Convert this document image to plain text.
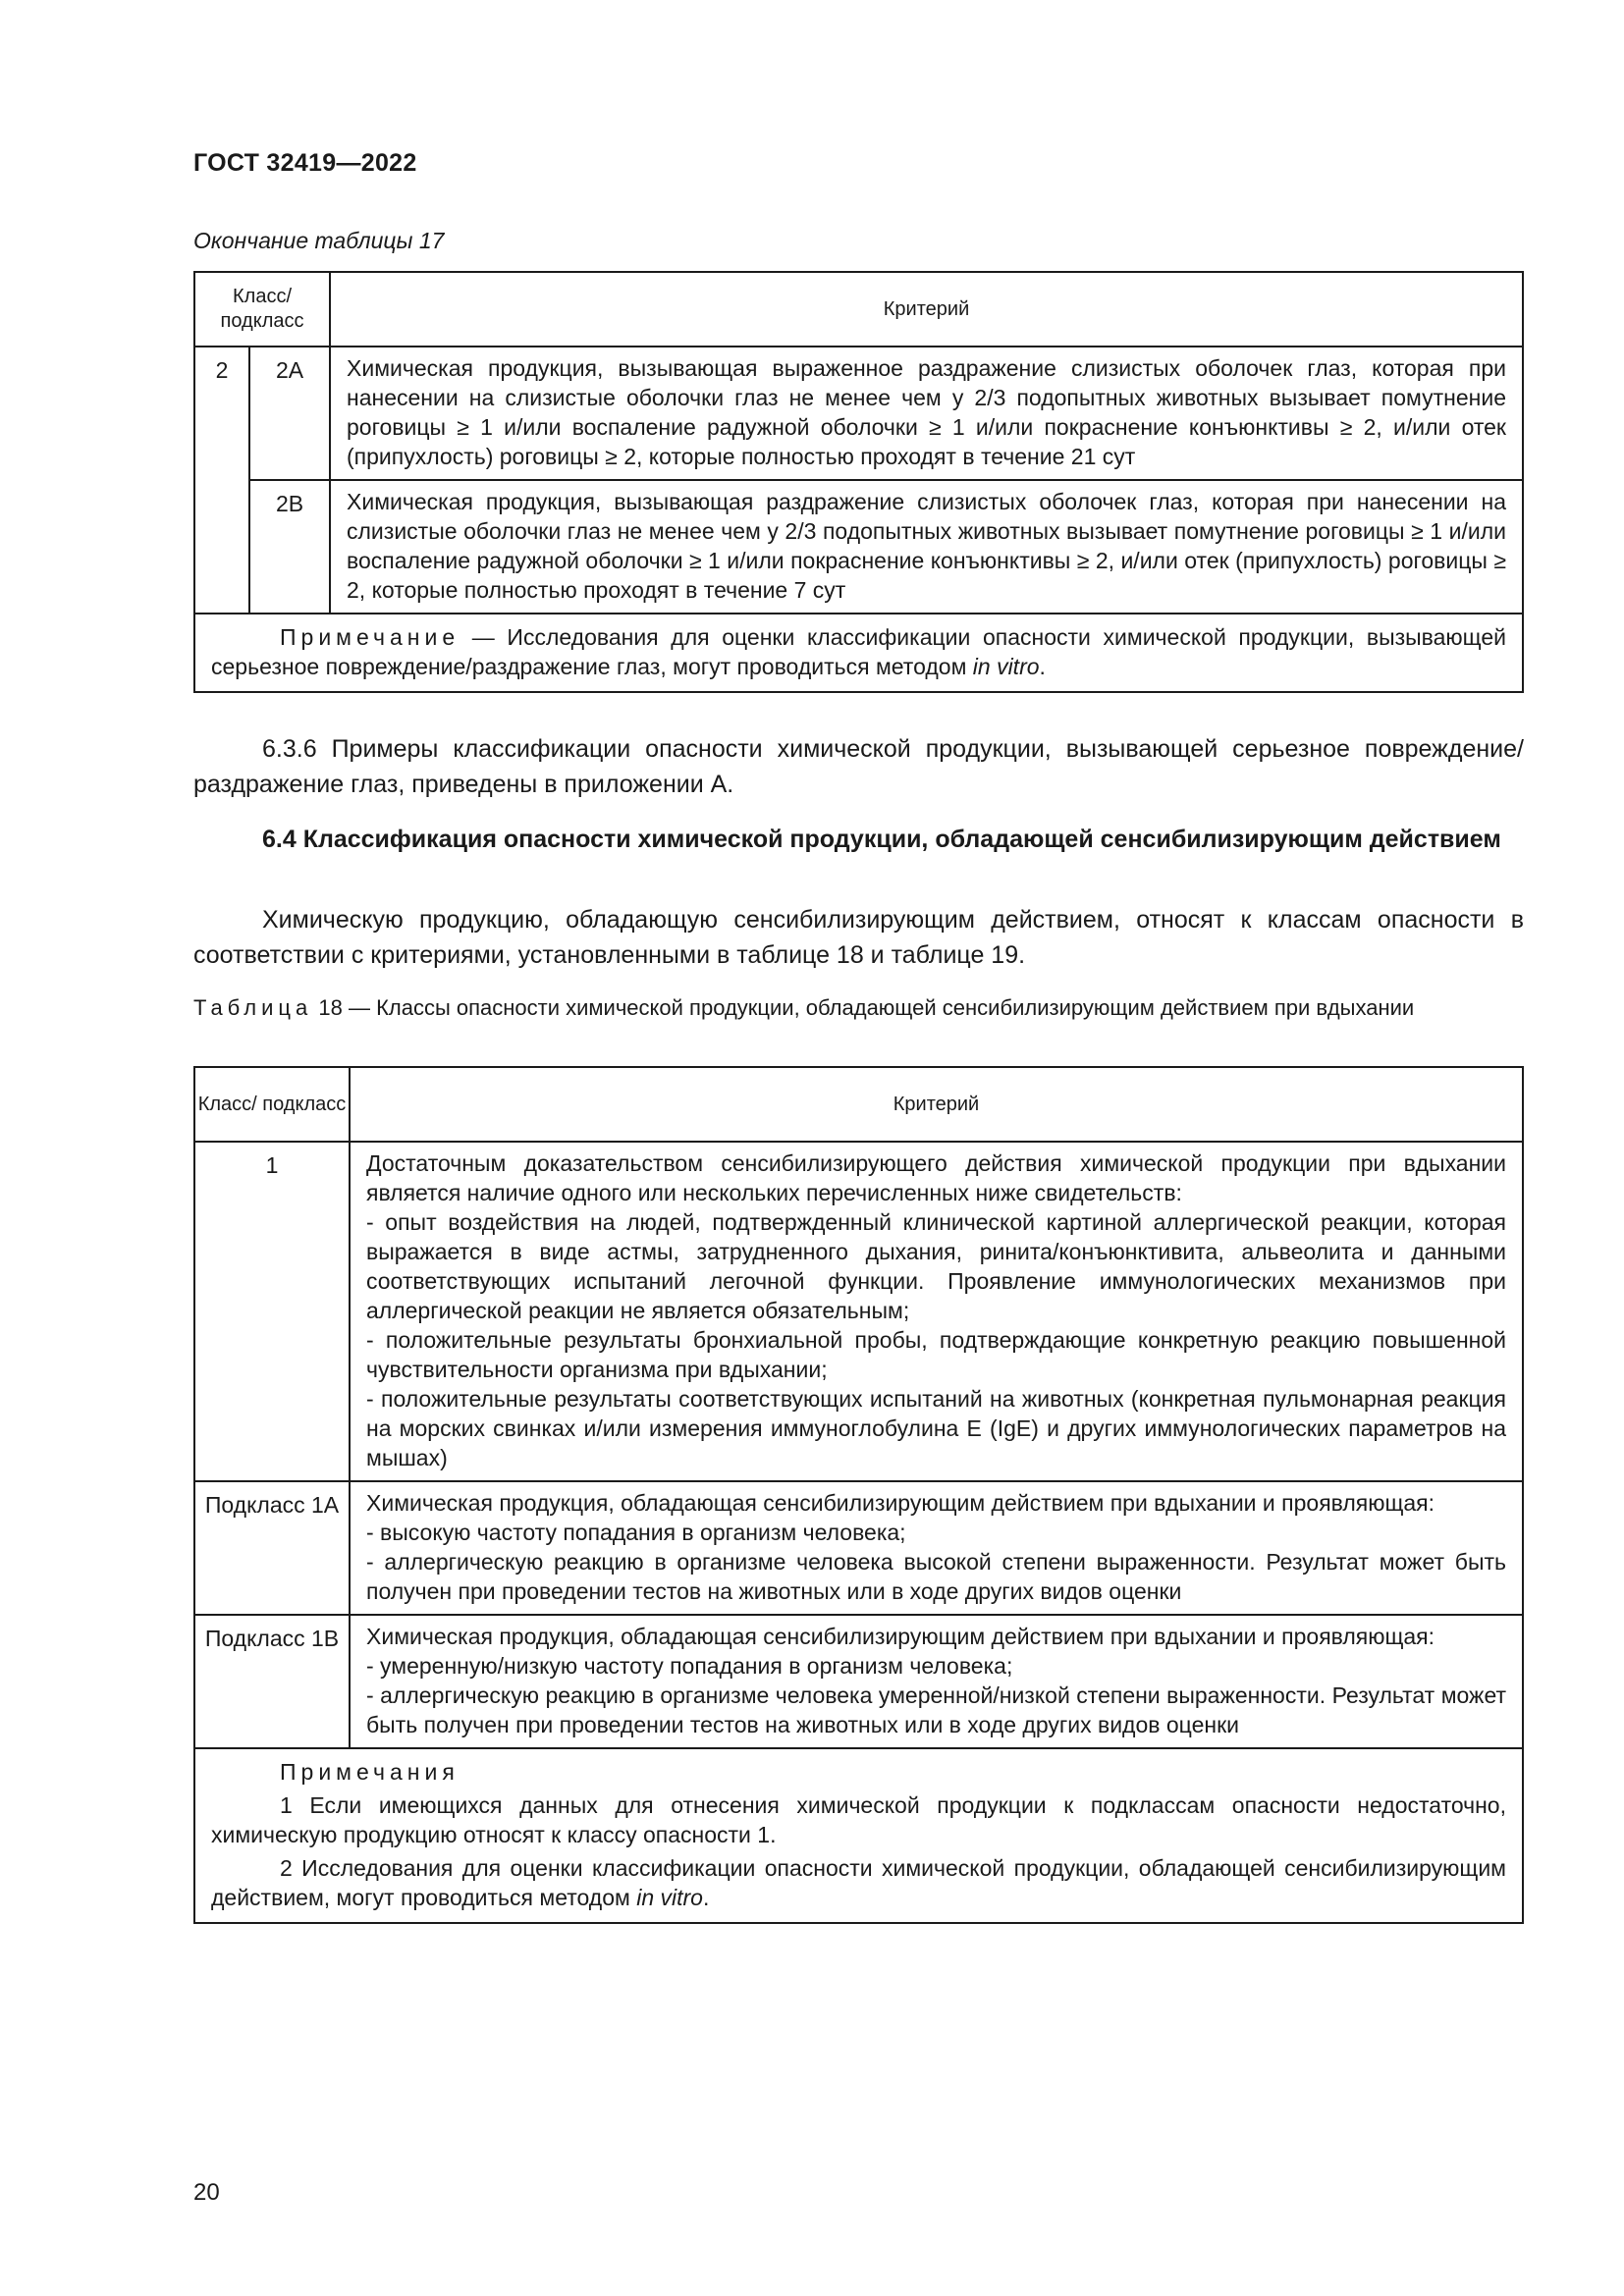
ГОСТ 32419—2022
Окончание таблицы 17
Класс/ подкласс		Критерий
2	2A	Химическая продукция, вызывающая выраженное раздражение слизистых оболочек глаз, которая при нанесении на слизистые оболочки глаз не менее чем у 2/3 подопытных животных вызывает помутнение роговицы ≥ 1 и/или воспаление радужной оболочки ≥ 1 и/или покраснение конъюнктивы ≥ 2, и/или отек (припухлость) роговицы ≥ 2, которые полностью проходят в течение 21 сут
	2B	Химическая продукция, вызывающая раздражение слизистых оболочек глаз, которая при нанесении на слизистые оболочки глаз не менее чем у 2/3 подопытных животных вызывает помутнение роговицы ≥ 1 и/или воспаление радужной оболочки ≥ 1 и/или покраснение конъюнктивы ≥ 2, и/или отек (припухлость) роговицы ≥ 2, которые полностью проходят в течение 7 сут
Примечание — Исследования для оценки классификации опасности химической продукции, вызывающей серьезное повреждение/раздражение глаз, могут проводиться методом in vitro.		
6.3.6 Примеры классификации опасности химической продукции, вызывающей серьезное повреждение/раздражение глаз, приведены в приложении А.
6.4 Классификация опасности химической продукции, обладающей сенсибилизирующим действием
Химическую продукцию, обладающую сенсибилизирующим действием, относят к классам опасности в соответствии с критериями, установленными в таблице 18 и таблице 19.
Таблица 18 — Классы опасности химической продукции, обладающей сенсибилизирующим действием при вдыхании
Класс/ подкласс	Критерий
1	Достаточным доказательством сенсибилизирующего действия химической продукции при вдыхании является наличие одного или нескольких перечисленных ниже свидетельств:
- опыт воздействия на людей, подтвержденный клинической картиной аллергической реакции, которая выражается в виде астмы, затрудненного дыхания, ринита/конъюнктивита, альвеолита и данными соответствующих испытаний легочной функции. Проявление иммунологических механизмов при аллергической реакции не является обязательным;
- положительные результаты бронхиальной пробы, подтверждающие конкретную реакцию повышенной чувствительности организма при вдыхании;
- положительные результаты соответствующих испытаний на животных (конкретная пульмонарная реакция на морских свинках и/или измерения иммуноглобулина Е (IgE) и других иммунологических параметров на мышах)

Подкласс 1А	Химическая продукция, обладающая сенсибилизирующим действием при вдыхании и проявляющая:
- высокую частоту попадания в организм человека;
- аллергическую реакцию в организме человека высокой степени выраженности. Результат может быть получен при проведении тестов на животных или в ходе других видов оценки

Подкласс 1В	Химическая продукция, обладающая сенсибилизирующим действием при вдыхании и проявляющая:
- умеренную/низкую частоту попадания в организм человека;
- аллергическую реакцию в организме человека умеренной/низкой степени выраженности. Результат может быть получен при проведении тестов на животных или в ходе других видов оценки

Примечания
1 Если имеющихся данных для отнесения химической продукции к подклассам опасности недостаточно, химическую продукцию относят к классу опасности 1.
2 Исследования для оценки классификации опасности химической продукции, обладающей сенсибилизирующим действием, могут проводиться методом in vitro.	
20
